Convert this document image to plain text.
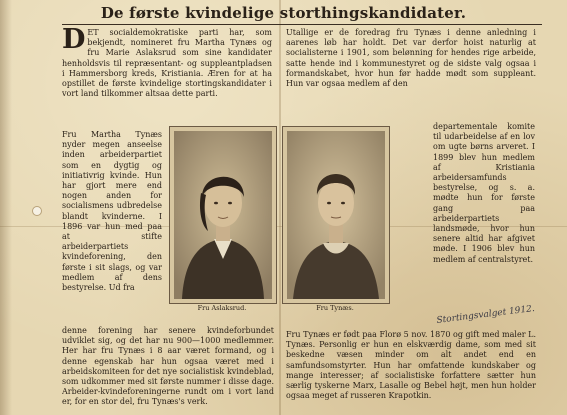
De første kvindelige storthingskandidater.
D ET socialdemokratiske parti har, som bekjendt, nomineret fru Martha Tynæs og fru Marie Aslaksrud som sine kandidater henholdsvis til repræsentant- og suppleantpladsen i Hammersborg kreds, Kristiania. Æren for at ha opstillet de første kvindelige stortingskandidater i vort land tilkommer altsaa dette parti.

Utallige er de foredrag fru Tynæs i denne anledning i aarenes løb har holdt. Det var derfor hoist naturlig at socialisterne i 1901, som belønning for hendes rige arbeide, satte hende ind i kommunestyret og de sidste valg ogsaa i formandskabet, hvor hun før hadde mødt som suppleant. Hun var ogsaa medlem af den

Fru Martha Tynæs nyder megen anseelse inden arbeiderpartiet som en dygtig og initiativrig kvinde. Hun har gjort mere end nogen anden for socialismens udbredelse blandt kvinderne. I 1896 var hun med paa at stifte arbeiderpartiets kvindeforening, den første i sit slags, og var medlem af dens bestyrelse. Ud fra

Fru Aslaksrud.	Fru Tynæs.

departementale komite til udarbeidelse af en lov om ugte børns arveret. I 1899 blev hun medlem af Kristiania arbeidersamfunds bestyrelse, og s. a. mødte hun for første gang paa arbeiderpartiets landsmøde, hvor hun senere altid har afgivet møde. I 1906 blev hun medlem af centralstyret.

denne forening har senere kvindeforbundet udviklet sig, og det har nu 900—1000 medlemmer. Her har fru Tynæs i 8 aar været formand, og i denne egenskab har hun ogsaa været med i arbeidskomiteen for det nye socialistisk kvindeblad, som udkommer med sit første nummer i disse dage. Arbeider-kvindeforeningerne rundt om i vort land er, for en stor del, fru Tynæs's verk.

Fru Tynæs er født paa Florø 5 nov. 1870 og gift med maler L. Tynæs. Personlig er hun en elskværdig dame, som med sit beskedne væsen minder om alt andet end en samfundsomstyrter. Hun har omfattende kundskaber og mange interesser; af socialistiske forfattere sætter hun særlig tyskerne Marx, Lasalle og Bebel højt, men hun holder ogsaa meget af russeren Krapotkin.

Stortingsvalget 1912.
